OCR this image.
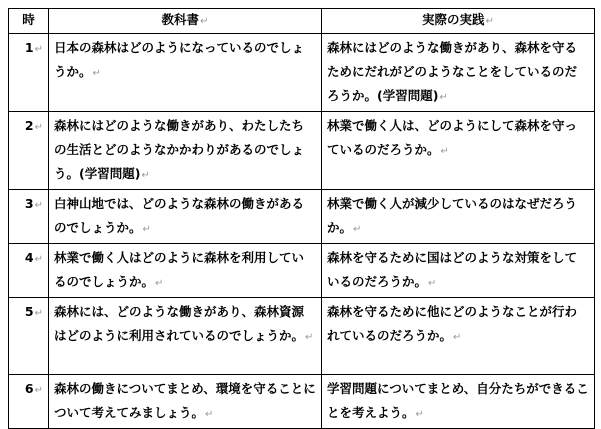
時	教科書↵	実際の実践↵
1↵	日本の森林はどのようになっているのでしょうか。↵	森林にはどのような働きがあり、森林を守るためにだれがどのようなことをしているのだろうか。(学習問題)↵
2↵	森林にはどのような働きがあり、わたしたちの生活とどのようなかかわりがあるのでしょう。(学習問題)↵	林業で働く人は、どのようにして森林を守っているのだろうか。↵
3↵	白神山地では、どのような森林の働きがあるのでしょうか。↵	林業で働く人が減少しているのはなぜだろうか。↵
4↵	林業で働く人はどのように森林を利用しているのでしょうか。↵	森林を守るために国はどのような対策をしているのだろうか。↵
5↵	森林には、どのような働きがあり、森林資源はどのように利用されているのでしょうか。↵	森林を守るために他にどのようなことが行われているのだろうか。↵
6↵	森林の働きについてまとめ、環境を守ることについて考えてみましょう。↵	学習問題についてまとめ、自分たちができることを考えよう。↵
